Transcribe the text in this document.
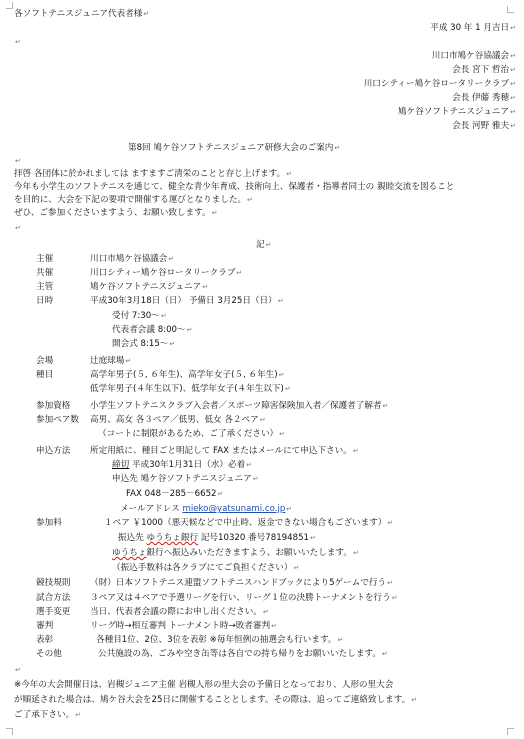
各ソフトテニスジュニア代表者様↵
平成 30 年 1 月吉日↵
↵
川口市鳩ケ谷協議会↵
会長 宮下 哲治↵
川口シティー鳩ケ谷ロータリークラブ↵
会長 伊藤 秀穂↵
鳩ケ谷ソフトテニスジュニア↵
会長 河野 雅夫↵
第8回 鳩ケ谷ソフトテニスジュニア研修大会のご案内↵
↵
拝啓 各団体に於かれましては ますますご清栄のことと存じ上げます。↵
今年も小学生のソフトテニスを通じて、健全な青少年育成、技術向上、保護者・指導者同士の 親睦交流を図ること
を目的に、大会を下記の要項で開催する運びとなりました。↵
ぜひ、ご参加くださいますよう、お願い致します。↵
↵
記↵
主催	川口市鳩ケ谷協議会↵
共催	川口シティー鳩ケ谷ロータリークラブ↵
主管	鳩ケ谷ソフトテニスジュニア↵
日時	平成30年3月18日（日） 予備日 3月25日（日）↵
受付 7:30〜↵
代表者会議 8:00〜↵
開会式 8:15〜↵
会場	辻庭球場↵
種目	高学年男子(５, ６年生)、高学年女子(５, ６年生)↵
低学年男子(４年生以下)、低学年女子(４年生以下)↵
参加資格 小学生ソフトテニスクラブ入会者／スポーツ障害保険加入者／保護者了解者↵
参加ペア数 高男、高女 各３ペア／低男、低女 各２ペア↵
（コートに制限があるため、ご了承ください）↵
申込方法 所定用紙に、種目ごと明記して FAX またはメールにて申込下さい。↵
締切 平成30年1月31日（水）必着↵
申込先 鳩ケ谷ソフトテニスジュニア↵
FAX 048－285－6652↵
メールアドレス mieko@yatsunami.co.jp↵
参加料	１ペア ￥1000（悪天候などで中止時、返金できない場合もございます）↵
振込先 ゆうちょ銀行 記号10320 番号78194851↵
ゆうちょ銀行へ振込みいただきますよう、お願いいたします。↵
（振込手数料は各クラブにてご負担ください）↵
競技規則 （財）日本ソフトテニス連盟ソフトテニスハンドブックにより5ゲームで行う↵
試合方法 ３ペア又は４ペアで予選リーグを行い、リーグ１位の決勝トーナメントを行う↵
選手変更 当日、代表者会議の際にお申し出ください。↵
審判	リーグ時→相互審判 トーナメント時→敗者審判↵
表彰	各種目1位、2位、3位を表彰 ※毎年恒例の抽選会も行います。↵
その他	公共施設の為、ごみや空き缶等は各自での持ち帰りをお願いいたします。↵
↵
※今年の大会開催日は、岩槻ジュニア主催 岩槻人形の里大会の予備日となっており、人形の里大会
が順延された場合は、鳩ケ谷大会を25日に開催することとします。その際は、追ってご連絡致します。↵
ご了承下さい。↵
